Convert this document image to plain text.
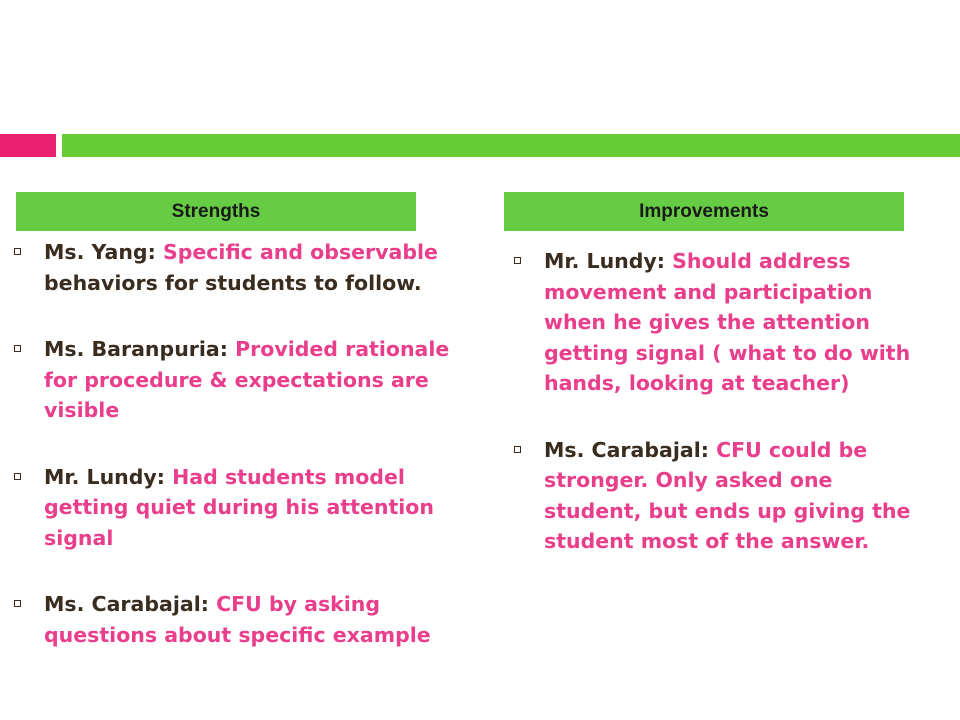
Strengths	Improvements
Ms. Yang: Specific and observable behaviors for students to follow.
Ms. Baranpuria: Provided rationale for procedure & expectations are visible
Mr. Lundy: Had students model getting quiet during his attention signal
Ms. Carabajal: CFU by asking questions about specific example
Mr. Lundy: Should address movement and participation when he gives the attention getting signal ( what to do with hands, looking at teacher)
Ms. Carabajal: CFU could be stronger. Only asked one student, but ends up giving the student most of the answer.
